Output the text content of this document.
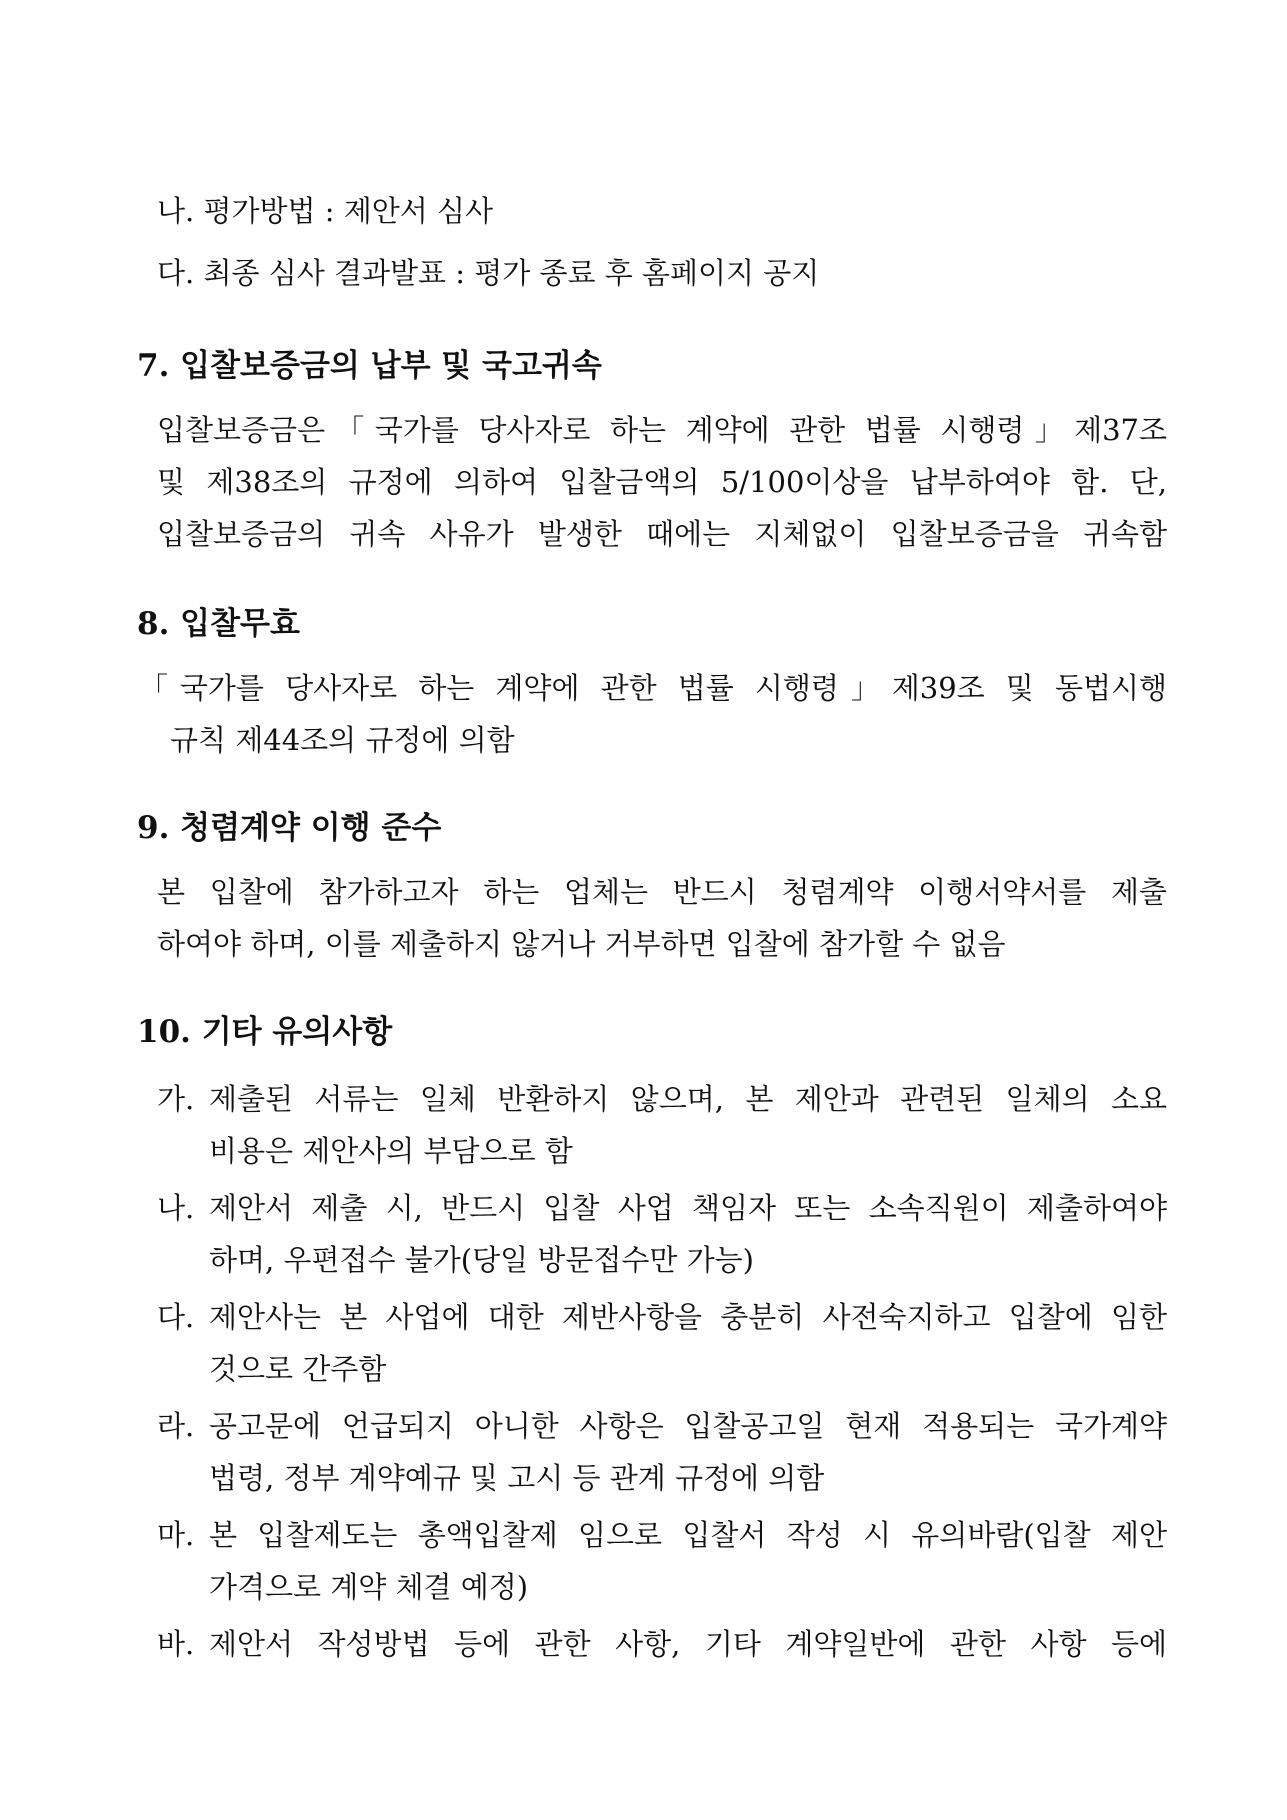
나. 평가방법 : 제안서 심사
다. 최종 심사 결과발표 : 평가 종료 후 홈페이지 공지
7. 입찰보증금의 납부 및 국고귀속
입찰보증금은「국가를 당사자로 하는 계약에 관한 법률 시행령」제37조
및 제38조의 규정에 의하여 입찰금액의 5/100이상을 납부하여야 함. 단,
입찰보증금의 귀속 사유가 발생한 때에는 지체없이 입찰보증금을 귀속함
8. 입찰무효
「국가를 당사자로 하는 계약에 관한 법률 시행령」제39조 및 동법시행
규칙 제44조의 규정에 의함
9. 청렴계약 이행 준수
본 입찰에 참가하고자 하는 업체는 반드시 청렴계약 이행서약서를 제출
하여야 하며, 이를 제출하지 않거나 거부하면 입찰에 참가할 수 없음
10. 기타 유의사항
가. 제출된 서류는 일체 반환하지 않으며, 본 제안과 관련된 일체의 소요
비용은 제안사의 부담으로 함
나. 제안서 제출 시, 반드시 입찰 사업 책임자 또는 소속직원이 제출하여야
하며, 우편접수 불가(당일 방문접수만 가능)
다. 제안사는 본 사업에 대한 제반사항을 충분히 사전숙지하고 입찰에 임한
것으로 간주함
라. 공고문에 언급되지 아니한 사항은 입찰공고일 현재 적용되는 국가계약
법령, 정부 계약예규 및 고시 등 관계 규정에 의함
마. 본 입찰제도는 총액입찰제 임으로 입찰서 작성 시 유의바람(입찰 제안
가격으로 계약 체결 예정)
바. 제안서 작성방법 등에 관한 사항, 기타 계약일반에 관한 사항 등에
